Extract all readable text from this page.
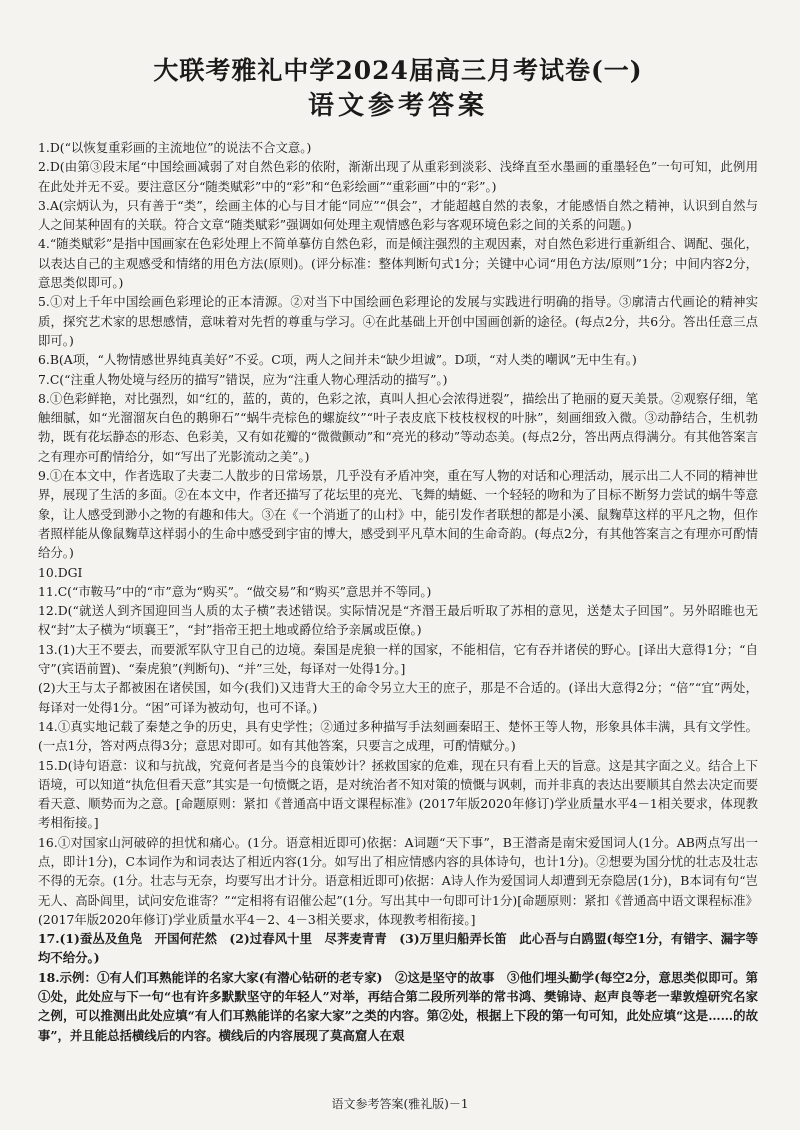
大联考雅礼中学2024届高三月考试卷(一)
语文参考答案

1.D(“以恢复重彩画的主流地位”的说法不合文意。)

2.D(由第③段末尾“中国绘画减弱了对自然色彩的依附，渐渐出现了从重彩到淡彩、浅绛直至水墨画的重墨轻色”一句可知，此例用在此处并无不妥。要注意区分“随类赋彩”中的“彩”和“色彩绘画”“重彩画”中的“彩”。)

3.A(宗炳认为，只有善于“类”，绘画主体的心与目才能“同应”“俱会”，才能超越自然的表象，才能感悟自然之精神，认识到自然与人之间某种固有的关联。符合文章“随类赋彩”强调如何处理主观情感色彩与客观环境色彩之间的关系的问题。)

4.“随类赋彩”是指中国画家在色彩处理上不简单摹仿自然色彩，而是倾注强烈的主观因素，对自然色彩进行重新组合、调配、强化，以表达自己的主观感受和情绪的用色方法(原则)。(评分标准：整体判断句式1分；关键中心词“用色方法/原则”1分；中间内容2分，意思类似即可。)

5.①对上千年中国绘画色彩理论的正本清源。②对当下中国绘画色彩理论的发展与实践进行明确的指导。③廓清古代画论的精神实质，探究艺术家的思想感情，意味着对先哲的尊重与学习。④在此基础上开创中国画创新的途径。(每点2分，共6分。答出任意三点即可。)

6.B(A项，“人物情感世界纯真美好”不妥。C项，两人之间并未“缺少坦诚”。D项，“对人类的嘲讽”无中生有。)

7.C(“注重人物处境与经历的描写”错误，应为“注重人物心理活动的描写”。)

8.①色彩鲜艳，对比强烈，如“红的，蓝的，黄的，色彩之浓，真叫人担心会浓得迸裂”，描绘出了艳丽的夏天美景。②观察仔细，笔触细腻，如“光溜溜灰白色的鹅卵石”“蜗牛壳棕色的螺旋纹”“叶子表皮底下枝枝杈杈的叶脉”，刻画细致入微。③动静结合，生机勃勃，既有花坛静态的形态、色彩美，又有如花瓣的“微微颤动”和“亮光的移动”等动态美。(每点2分，答出两点得满分。有其他答案言之有理亦可酌情给分，如“写出了光影流动之美”。)

9.①在本文中，作者选取了夫妻二人散步的日常场景，几乎没有矛盾冲突，重在写人物的对话和心理活动，展示出二人不同的精神世界，展现了生活的多面。②在本文中，作者还描写了花坛里的亮光、飞舞的蜻蜓、一个轻轻的吻和为了目标不断努力尝试的蜗牛等意象，让人感受到渺小之物的有趣和伟大。③在《一个消逝了的山村》中，能引发作者联想的都是小溪、鼠麴草这样的平凡之物，但作者照样能从像鼠麴草这样弱小的生命中感受到宇宙的博大，感受到平凡草木间的生命奇韵。(每点2分，有其他答案言之有理亦可酌情给分。)

10.DGI

11.C(“市鞍马”中的“市”意为“购买”。“做交易”和“购买”意思并不等同。)

12.D(“就送人到齐国迎回当人质的太子横”表述错误。实际情况是“齐湣王最后听取了苏相的意见，送楚太子回国”。另外昭睢也无权“封”太子横为“顷襄王”，“封”指帝王把土地或爵位给予亲属或臣僚。)

13.(1)大王不要去，而要派军队守卫自己的边境。秦国是虎狼一样的国家，不能相信，它有吞并诸侯的野心。[译出大意得1分；“自守”(宾语前置)、“秦虎狼”(判断句)、“并”三处，每译对一处得1分。]

(2)大王与太子都被困在诸侯国，如今(我们)又违背大王的命令另立大王的庶子，那是不合适的。(译出大意得2分；“倍”“宜”两处，每译对一处得1分。“困”可译为被动句，也可不译。)

14.①真实地记载了秦楚之争的历史，具有史学性；②通过多种描写手法刻画秦昭王、楚怀王等人物，形象具体丰满，具有文学性。(一点1分，答对两点得3分；意思对即可。如有其他答案，只要言之成理，可酌情赋分。)

15.D(诗句语意：议和与抗战，究竟何者是当今的良策妙计？拯救国家的危难，现在只有看上天的旨意。这是其字面之义。结合上下语境，可以知道“执危但看天意”其实是一句愤慨之语，是对统治者不知对策的愤慨与讽刺，而并非真的表达出要顺其自然去决定而要看天意、顺势而为之意。[命题原则：紧扣《普通高中语文课程标准》(2017年版2020年修订)学业质量水平4－1相关要求，体现教考相衔接。]

16.①对国家山河破碎的担忧和痛心。(1分。语意相近即可)依据：A词题“天下事”，B王潜斋是南宋爱国词人(1分。AB两点写出一点，即计1分)，C本词作为和词表达了相近内容(1分。如写出了相应情感内容的具体诗句，也计1分)。②想要为国分忧的壮志及壮志不得的无奈。(1分。壮志与无奈，均要写出才计分。语意相近即可)依据：A诗人作为爱国词人却遭到无奈隐居(1分)，B本词有句“岂无人、高卧闾里，试问安危谁寄？”“定相将有诏催公起”(1分。写出其中一句即可计1分)[命题原则：紧扣《普通高中语文课程标准》(2017年版2020年修订)学业质量水平4－2、4－3相关要求，体现教考相衔接。]

17.(1)蚕丛及鱼凫　开国何茫然　(2)过春风十里　尽荠麦青青　(3)万里归船弄长笛　此心吾与白鸥盟(每空1分，有错字、漏字等均不给分。)

18.示例：①有人们耳熟能详的名家大家(有潜心钻研的老专家)　②这是坚守的故事　③他们埋头勤学(每空2分，意思类似即可。第①处，此处应与下一句“也有许多默默坚守的年轻人”对举，再结合第二段所列举的常书鸿、樊锦诗、赵声良等老一辈敦煌研究名家之例，可以推测出此处应填“有人们耳熟能详的名家大家”之类的内容。第②处，根据上下段的第一句可知，此处应填“这是……的故事”，并且能总括横线后的内容。横线后的内容展现了莫高窟人在艰

语文参考答案(雅礼版)－1
